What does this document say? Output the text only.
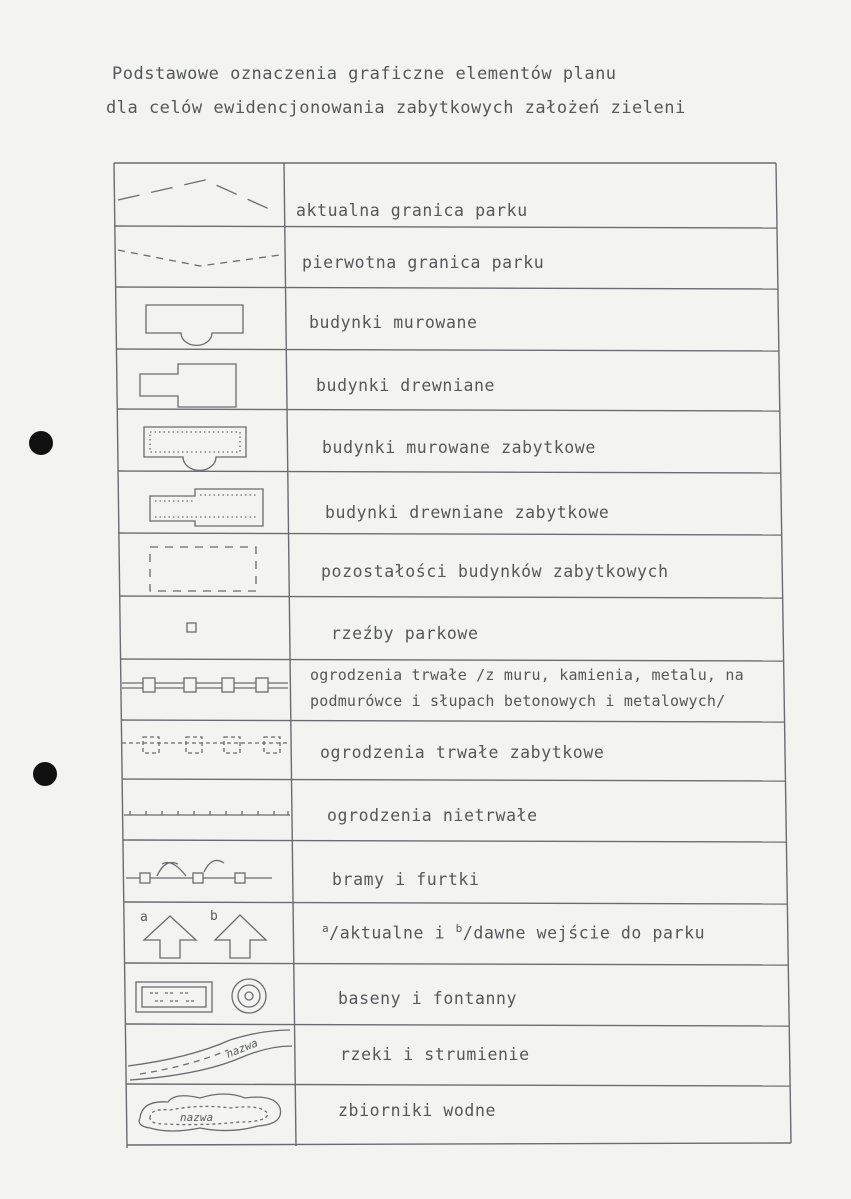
Podstawowe oznaczenia graficzne elementów planu
dla celów ewidencjonowania zabytkowych założeń zieleni
a	b
nazwa
nazwa
aktualna granica parku
pierwotna granica parku
budynki murowane
budynki drewniane
budynki murowane zabytkowe
budynki drewniane zabytkowe
pozostałości budynków zabytkowych
rzeźby parkowe
ogrodzenia trwałe /z muru, kamienia, metalu, na
podmurówce i słupach betonowych i metalowych/
ogrodzenia trwałe zabytkowe
ogrodzenia nietrwałe
bramy i furtki
$^a$/aktualne i $^b$/dawne wejście do parku
baseny i fontanny
rzeki i strumienie
zbiorniki wodne
